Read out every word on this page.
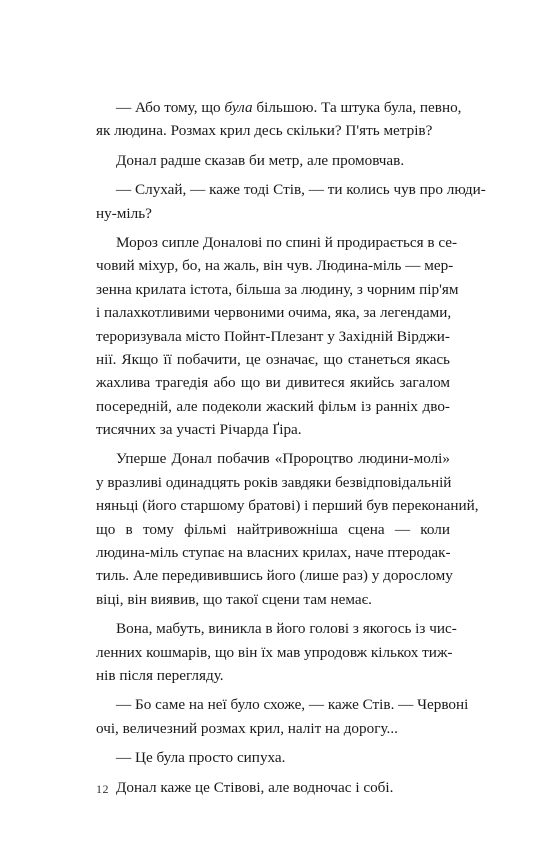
— Або тому, що була більшою. Та штука була, певно,
як людина. Розмах крил десь скільки? П'ять метрів?
Донал радше сказав би метр, але промовчав.
— Слухай, — каже тоді Стів, — ти колись чув про люди-
ну-міль?
Мороз сипле Доналові по спині й продирається в се-
човий міхур, бо, на жаль, він чув. Людина-міль — мер-
зенна крилата істота, більша за людину, з чорним пір'ям
і палахкотливими червоними очима, яка, за легендами,
тероризувала місто Пойнт-Плезант у Західній Вірджи-
нії. Якщо її побачити, це означає, що станеться якась
жахлива трагедія або що ви дивитеся якийсь загалом
посередній, але подеколи жаский фільм із ранніх дво-
тисячних за участі Річарда Ґіра.
Уперше Донал побачив «Пророцтво людини-молі»
у вразливі одинадцять років завдяки безвідповідальній
няньці (його старшому братові) і перший був переконаний,
що в тому фільмі найтривожніша сцена — коли
людина-міль ступає на власних крилах, наче птеродак-
тиль. Але передивившись його (лише раз) у дорослому
віці, він виявив, що такої сцени там немає.
Вона, мабуть, виникла в його голові з якогось із чис-
ленних кошмарів, що він їх мав упродовж кількох тиж-
нів після перегляду.
— Бо саме на неї було схоже, — каже Стів. — Червоні
очі, величезний розмах крил, наліт на дорогу...
— Це була просто сипуха.
Донал каже це Стівові, але водночас і собі.
12
